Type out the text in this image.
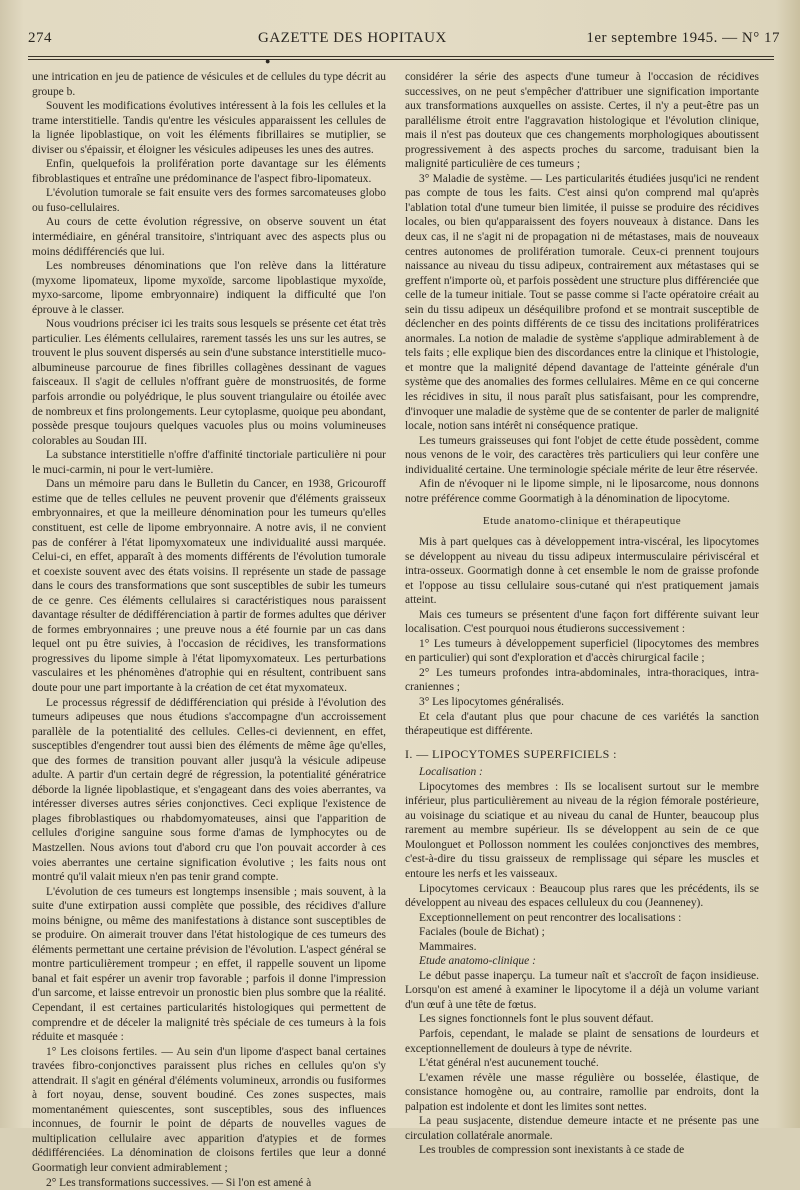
274	GAZETTE DES HOPITAUX	1er septembre 1945. — N° 17
●

une intrication en jeu de patience de vésicules et de cellules du type décrit au groupe b.

Souvent les modifications évolutives intéressent à la fois les cellules et la trame interstitielle. Tandis qu'entre les vésicules apparaissent les cellules de la lignée lipoblastique, on voit les éléments fibrillaires se mutiplier, se diviser ou s'épaissir, et éloigner les vésicules adipeuses les unes des autres.

Enfin, quelquefois la prolifération porte davantage sur les éléments fibroblastiques et entraîne une prédominance de l'aspect fibro-lipomateux.

L'évolution tumorale se fait ensuite vers des formes sarcomateuses globo ou fuso-cellulaires.

Au cours de cette évolution régressive, on observe souvent un état intermédiaire, en général transitoire, s'intriquant avec des aspects plus ou moins dédifférenciés que lui.

Les nombreuses dénominations que l'on relève dans la littérature (myxome lipomateux, lipome myxoïde, sarcome lipoblastique myxoïde, myxo-sarcome, lipome embryonnaire) indiquent la difficulté que l'on éprouve à le classer.

Nous voudrions préciser ici les traits sous lesquels se présente cet état très particulier. Les éléments cellulaires, rarement tassés les uns sur les autres, se trouvent le plus souvent dispersés au sein d'une substance interstitielle muco-albumineuse parcourue de fines fibrilles collagènes dessinant de vagues faisceaux. Il s'agit de cellules n'offrant guère de monstruosités, de forme parfois arrondie ou polyédrique, le plus souvent triangulaire ou étoilée avec de nombreux et fins prolongements. Leur cytoplasme, quoique peu abondant, possède presque toujours quelques vacuoles plus ou moins volumineuses colorables au Soudan III.

La substance interstitielle n'offre d'affinité tinctoriale particulière ni pour le muci-carmin, ni pour le vert-lumière.

Dans un mémoire paru dans le Bulletin du Cancer, en 1938, Gricouroff estime que de telles cellules ne peuvent provenir que d'éléments graisseux embryonnaires, et que la meilleure dénomination pour les tumeurs qu'elles constituent, est celle de lipome embryonnaire. A notre avis, il ne convient pas de conférer à l'état lipomyxomateux une individualité aussi marquée. Celui-ci, en effet, apparaît à des moments différents de l'évolution tumorale et coexiste souvent avec des états voisins. Il représente un stade de passage dans le cours des transformations que sont susceptibles de subir les tumeurs de ce genre. Ces éléments cellulaires si caractéristiques nous paraissent davantage résulter de dédifférenciation à partir de formes adultes que dériver de formes embryonnaires ; une preuve nous a été fournie par un cas dans lequel ont pu être suivies, à l'occasion de récidives, les transformations progressives du lipome simple à l'état lipomyxomateux. Les perturbations vasculaires et les phénomènes d'atrophie qui en résultent, contribuent sans doute pour une part importante à la création de cet état myxomateux.

Le processus régressif de dédifférenciation qui préside à l'évolution des tumeurs adipeuses que nous étudions s'accompagne d'un accroissement parallèle de la potentialité des cellules. Celles-ci deviennent, en effet, susceptibles d'engendrer tout aussi bien des éléments de même âge qu'elles, que des formes de transition pouvant aller jusqu'à la vésicule adipeuse adulte. A partir d'un certain degré de régression, la potentialité génératrice déborde la lignée lipoblastique, et s'engageant dans des voies aberrantes, va intéresser diverses autres séries conjonctives. Ceci explique l'existence de plages fibroblastiques ou rhabdomyomateuses, ainsi que l'apparition de cellules d'origine sanguine sous forme d'amas de lymphocytes ou de Mastzellen. Nous avions tout d'abord cru que l'on pouvait accorder à ces voies aberrantes une certaine signification évolutive ; les faits nous ont montré qu'il valait mieux n'en pas tenir grand compte.

L'évolution de ces tumeurs est longtemps insensible ; mais souvent, à la suite d'une extirpation aussi complète que possible, des récidives d'allure moins bénigne, ou même des manifestations à distance sont susceptibles de se produire. On aimerait trouver dans l'état histologique de ces tumeurs des éléments permettant une certaine prévision de l'évolution. L'aspect général se montre particulièrement trompeur ; en effet, il rappelle souvent un lipome banal et fait espérer un avenir trop favorable ; parfois il donne l'impression d'un sarcome, et laisse entrevoir un pronostic bien plus sombre que la réalité. Cependant, il est certaines particularités histologiques qui permettent de comprendre et de déceler la malignité très spéciale de ces tumeurs à la fois réduite et masquée :

1° Les cloisons fertiles. — Au sein d'un lipome d'aspect banal certaines travées fibro-conjonctives paraissent plus riches en cellules qu'on s'y attendrait. Il s'agit en général d'éléments volumineux, arrondis ou fusiformes à fort noyau, dense, souvent boudiné. Ces zones suspectes, mais momentanément quiescentes, sont susceptibles, sous des influences inconnues, de fournir le point de départs de nouvelles vagues de multiplication cellulaire avec apparition d'atypies et de formes dédifférenciées. La dénomination de cloisons fertiles que leur a donné Goormatigh leur convient admirablement ;

2° Les transformations successives. — Si l'on est amené à

considérer la série des aspects d'une tumeur à l'occasion de récidives successives, on ne peut s'empêcher d'attribuer une signification importante aux transformations auxquelles on assiste. Certes, il n'y a peut-être pas un parallélisme étroit entre l'aggravation histologique et l'évolution clinique, mais il n'est pas douteux que ces changements morphologiques aboutissent progressivement à des aspects proches du sarcome, traduisant bien la malignité particulière de ces tumeurs ;

3° Maladie de système. — Les particularités étudiées jusqu'ici ne rendent pas compte de tous les faits. C'est ainsi qu'on comprend mal qu'après l'ablation total d'une tumeur bien limitée, il puisse se produire des récidives locales, ou bien qu'apparaissent des foyers nouveaux à distance. Dans les deux cas, il ne s'agit ni de propagation ni de métastases, mais de nouveaux centres autonomes de prolifération tumorale. Ceux-ci prennent toujours naissance au niveau du tissu adipeux, contrairement aux métastases qui se greffent n'importe où, et parfois possèdent une structure plus différenciée que celle de la tumeur initiale. Tout se passe comme si l'acte opératoire créait au sein du tissu adipeux un déséquilibre profond et se montrait susceptible de déclencher en des points différents de ce tissu des incitations prolifératrices anormales. La notion de maladie de système s'applique admirablement à de tels faits ; elle explique bien des discordances entre la clinique et l'histologie, et montre que la malignité dépend davantage de l'atteinte générale d'un système que des anomalies des formes cellulaires. Même en ce qui concerne les récidives in situ, il nous paraît plus satisfaisant, pour les comprendre, d'invoquer une maladie de système que de se contenter de parler de malignité locale, notion sans intérêt ni conséquence pratique.

Les tumeurs graisseuses qui font l'objet de cette étude possèdent, comme nous venons de le voir, des caractères très particuliers qui leur confère une individualité certaine. Une terminologie spéciale mérite de leur être réservée.

Afin de n'évoquer ni le lipome simple, ni le liposarcome, nous donnons notre préférence comme Goormatigh à la dénomination de lipocytome.

Etude anatomo-clinique et thérapeutique

Mis à part quelques cas à développement intra-viscéral, les lipocytomes se développent au niveau du tissu adipeux intermusculaire périviscéral et intra-osseux. Goormatigh donne à cet ensemble le nom de graisse profonde et l'oppose au tissu cellulaire sous-cutané qui n'est pratiquement jamais atteint.

Mais ces tumeurs se présentent d'une façon fort différente suivant leur localisation. C'est pourquoi nous étudierons successivement :

1° Les tumeurs à développement superficiel (lipocytomes des membres en particulier) qui sont d'exploration et d'accès chirurgical facile ;

2° Les tumeurs profondes intra-abdominales, intra-thoraciques, intra-craniennes ;

3° Les lipocytomes généralisés.

Et cela d'autant plus que pour chacune de ces variétés la sanction thérapeutique est différente.

I. — LIPOCYTOMES SUPERFICIELS :

Localisation :

Lipocytomes des membres : Ils se localisent surtout sur le membre inférieur, plus particulièrement au niveau de la région fémorale postérieure, au voisinage du sciatique et au niveau du canal de Hunter, beaucoup plus rarement au membre supérieur. Ils se développent au sein de ce que Moulonguet et Pollosson nomment les coulées conjonctives des membres, c'est-à-dire du tissu graisseux de remplissage qui sépare les muscles et entoure les nerfs et les vaisseaux.

Lipocytomes cervicaux : Beaucoup plus rares que les précédents, ils se développent au niveau des espaces celluleux du cou (Jeanneney).

Exceptionnellement on peut rencontrer des localisations :

Faciales (boule de Bichat) ;

Mammaires.

Etude anatomo-clinique :

Le début passe inaperçu. La tumeur naît et s'accroît de façon insidieuse. Lorsqu'on est amené à examiner le lipocytome il a déjà un volume variant d'un œuf à une tête de fœtus.

Les signes fonctionnels font le plus souvent défaut.

Parfois, cependant, le malade se plaint de sensations de lourdeurs et exceptionnellement de douleurs à type de névrite.

L'état général n'est aucunement touché.

L'examen révèle une masse régulière ou bosselée, élastique, de consistance homogène ou, au contraire, ramollie par endroits, dont la palpation est indolente et dont les limites sont nettes.

La peau susjacente, distendue demeure intacte et ne présente pas une circulation collatérale anormale.

Les troubles de compression sont inexistants à ce stade de
